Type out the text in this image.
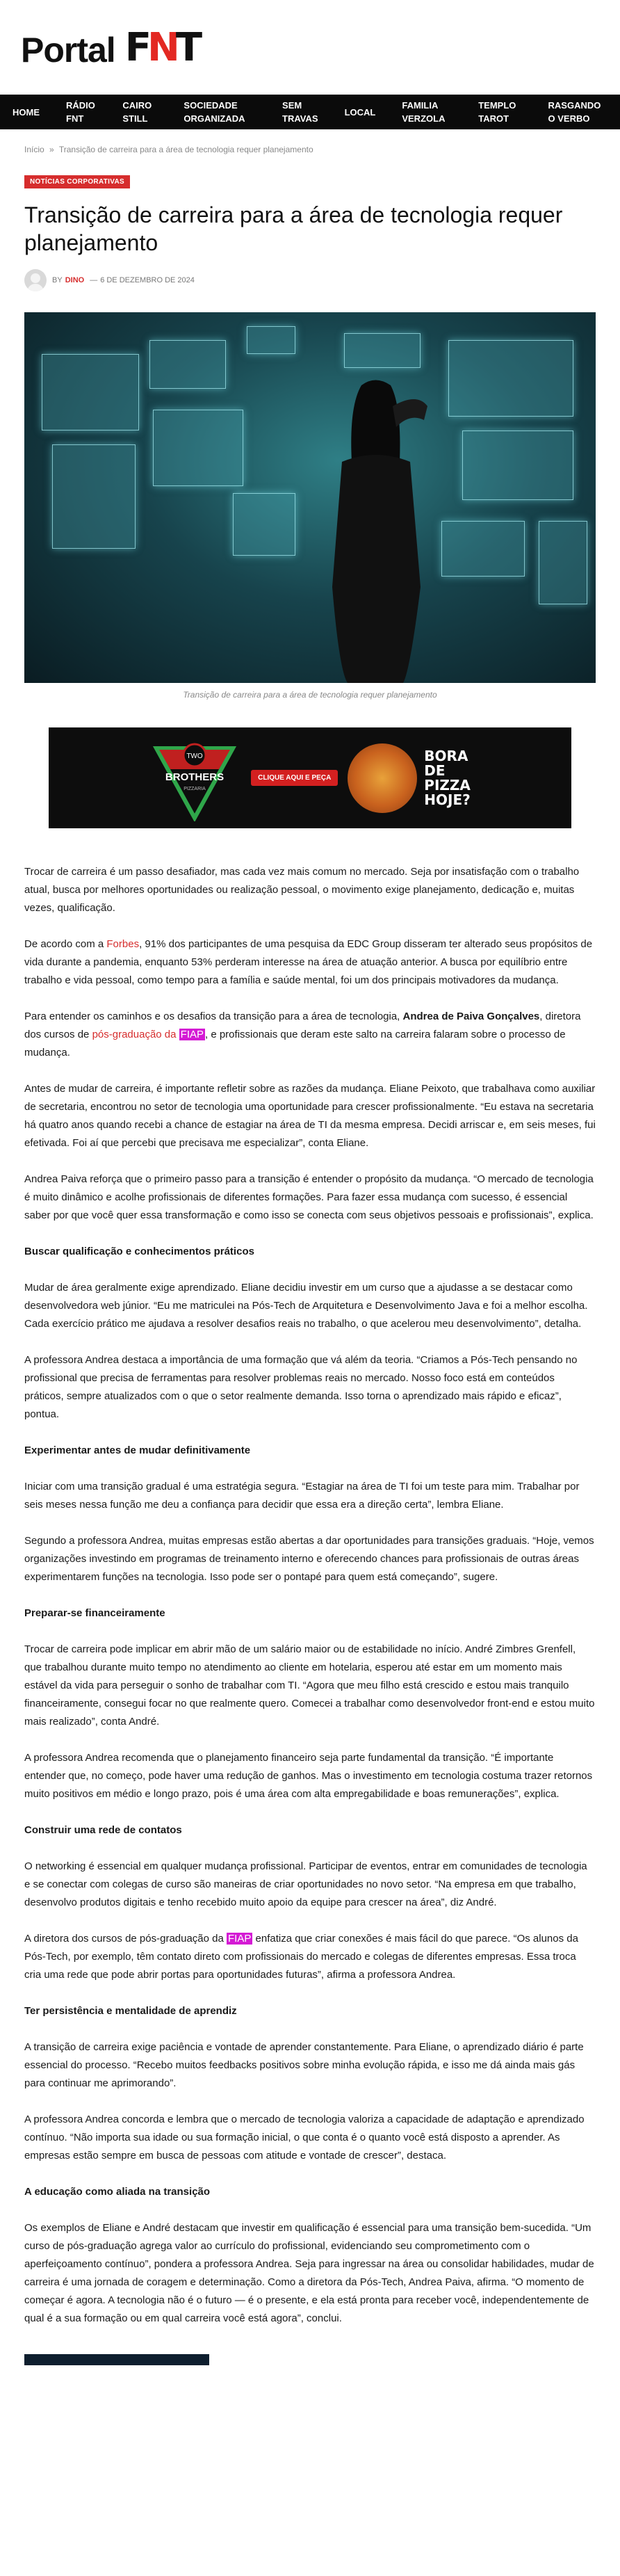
Portal FNT
HOME
RÁDIO FNT
CAIRO STILL
SOCIEDADE ORGANIZADA
SEM TRAVAS
LOCAL
FAMILIA VERZOLA
TEMPLO TAROT
RASGANDO O VERBO
Início » Transição de carreira para a área de tecnologia requer planejamento
NOTÍCIAS CORPORATIVAS
Transição de carreira para a área de tecnologia requer planejamento
BY DINO — 6 DE DEZEMBRO DE 2024
Transição de carreira para a área de tecnologia requer planejamento
TWO
BROTHERS
PIZZARIA
CLIQUE AQUI E PEÇA
BORA
DE
PIZZA
HOJE?

Trocar de carreira é um passo desafiador, mas cada vez mais comum no mercado. Seja por insatisfação com o trabalho atual, busca por melhores oportunidades ou realização pessoal, o movimento exige planejamento, dedicação e, muitas vezes, qualificação.

De acordo com a Forbes, 91% dos participantes de uma pesquisa da EDC Group disseram ter alterado seus propósitos de vida durante a pandemia, enquanto 53% perderam interesse na área de atuação anterior. A busca por equilíbrio entre trabalho e vida pessoal, como tempo para a família e saúde mental, foi um dos principais motivadores da mudança.

Para entender os caminhos e os desafios da transição para a área de tecnologia, Andrea de Paiva Gonçalves, diretora dos cursos de pós-graduação da FIAP , e profissionais que deram este salto na carreira falaram sobre o processo de mudança.

Antes de mudar de carreira, é importante refletir sobre as razões da mudança. Eliane Peixoto, que trabalhava como auxiliar de secretaria, encontrou no setor de tecnologia uma oportunidade para crescer profissionalmente. “Eu estava na secretaria há quatro anos quando recebi a chance de estagiar na área de TI da mesma empresa. Decidi arriscar e, em seis meses, fui efetivada. Foi aí que percebi que precisava me especializar”, conta Eliane.

Andrea Paiva reforça que o primeiro passo para a transição é entender o propósito da mudança. “O mercado de tecnologia é muito dinâmico e acolhe profissionais de diferentes formações. Para fazer essa mudança com sucesso, é essencial saber por que você quer essa transformação e como isso se conecta com seus objetivos pessoais e profissionais”, explica.

Buscar qualificação e conhecimentos práticos

Mudar de área geralmente exige aprendizado. Eliane decidiu investir em um curso que a ajudasse a se destacar como desenvolvedora web júnior. “Eu me matriculei na Pós-Tech de Arquitetura e Desenvolvimento Java e foi a melhor escolha. Cada exercício prático me ajudava a resolver desafios reais no trabalho, o que acelerou meu desenvolvimento”, detalha.

A professora Andrea destaca a importância de uma formação que vá além da teoria. “Criamos a Pós-Tech pensando no profissional que precisa de ferramentas para resolver problemas reais no mercado. Nosso foco está em conteúdos práticos, sempre atualizados com o que o setor realmente demanda. Isso torna o aprendizado mais rápido e eficaz”, pontua.

Experimentar antes de mudar definitivamente

Iniciar com uma transição gradual é uma estratégia segura. “Estagiar na área de TI foi um teste para mim. Trabalhar por seis meses nessa função me deu a confiança para decidir que essa era a direção certa”, lembra Eliane.

Segundo a professora Andrea, muitas empresas estão abertas a dar oportunidades para transições graduais. “Hoje, vemos organizações investindo em programas de treinamento interno e oferecendo chances para profissionais de outras áreas experimentarem funções na tecnologia. Isso pode ser o pontapé para quem está começando”, sugere.

Preparar-se financeiramente

Trocar de carreira pode implicar em abrir mão de um salário maior ou de estabilidade no início. André Zimbres Grenfell, que trabalhou durante muito tempo no atendimento ao cliente em hotelaria, esperou até estar em um momento mais estável da vida para perseguir o sonho de trabalhar com TI. “Agora que meu filho está crescido e estou mais tranquilo financeiramente, consegui focar no que realmente quero. Comecei a trabalhar como desenvolvedor front-end e estou muito mais realizado”, conta André.

A professora Andrea recomenda que o planejamento financeiro seja parte fundamental da transição. “É importante entender que, no começo, pode haver uma redução de ganhos. Mas o investimento em tecnologia costuma trazer retornos muito positivos em médio e longo prazo, pois é uma área com alta empregabilidade e boas remunerações”, explica.

Construir uma rede de contatos

O networking é essencial em qualquer mudança profissional. Participar de eventos, entrar em comunidades de tecnologia e se conectar com colegas de curso são maneiras de criar oportunidades no novo setor. “Na empresa em que trabalho, desenvolvo produtos digitais e tenho recebido muito apoio da equipe para crescer na área”, diz André.

A diretora dos cursos de pós-graduação da FIAP enfatiza que criar conexões é mais fácil do que parece. “Os alunos da Pós-Tech, por exemplo, têm contato direto com profissionais do mercado e colegas de diferentes empresas. Essa troca cria uma rede que pode abrir portas para oportunidades futuras”, afirma a professora Andrea.

Ter persistência e mentalidade de aprendiz

A transição de carreira exige paciência e vontade de aprender constantemente. Para Eliane, o aprendizado diário é parte essencial do processo. “Recebo muitos feedbacks positivos sobre minha evolução rápida, e isso me dá ainda mais gás para continuar me aprimorando”.

A professora Andrea concorda e lembra que o mercado de tecnologia valoriza a capacidade de adaptação e aprendizado contínuo. “Não importa sua idade ou sua formação inicial, o que conta é o quanto você está disposto a aprender. As empresas estão sempre em busca de pessoas com atitude e vontade de crescer”, destaca.

A educação como aliada na transição

Os exemplos de Eliane e André destacam que investir em qualificação é essencial para uma transição bem-sucedida. “Um curso de pós-graduação agrega valor ao currículo do profissional, evidenciando seu comprometimento com o aperfeiçoamento contínuo”, pondera a professora Andrea. Seja para ingressar na área ou consolidar habilidades, mudar de carreira é uma jornada de coragem e determinação. Como a diretora da Pós-Tech, Andrea Paiva, afirma. “O momento de começar é agora. A tecnologia não é o futuro — é o presente, e ela está pronta para receber você, independentemente de qual é a sua formação ou em qual carreira você está agora”, conclui.
